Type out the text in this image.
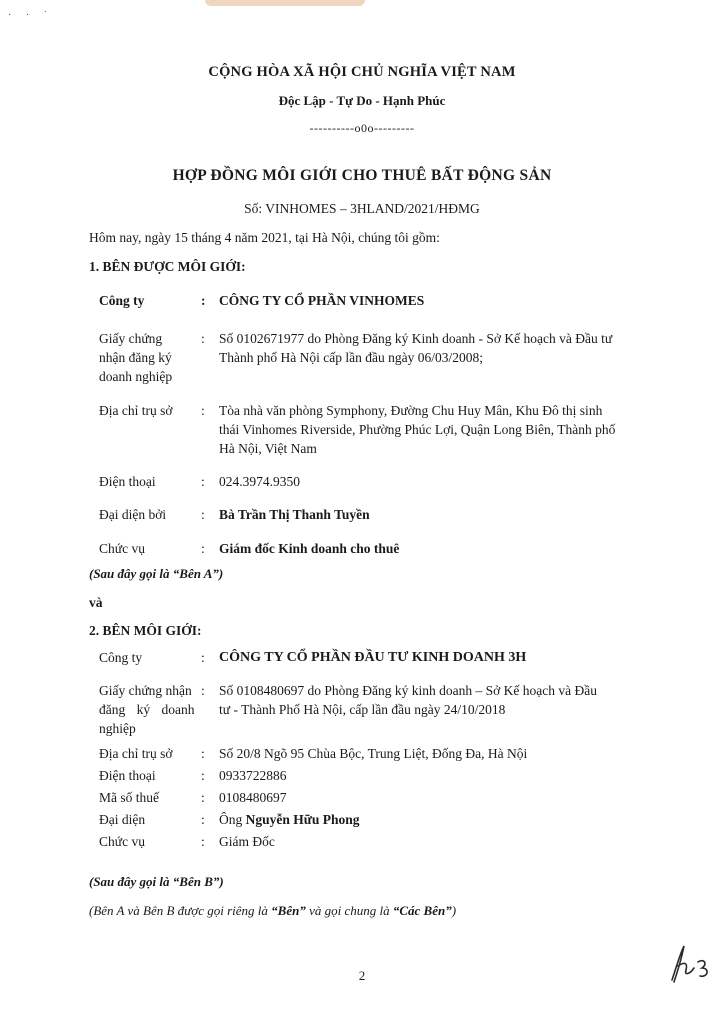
· · ˙
CỘNG HÒA XÃ HỘI CHỦ NGHĨA VIỆT NAM
Độc Lập - Tự Do - Hạnh Phúc
----------o0o---------
HỢP ĐỒNG MÔI GIỚI CHO THUÊ BẤT ĐỘNG SẢN
Số: VINHOMES – 3HLAND/2021/HĐMG
Hôm nay, ngày 15 tháng 4 năm 2021, tại Hà Nội, chúng tôi gồm:
1. BÊN ĐƯỢC MÔI GIỚI:
Công ty	:	CÔNG TY CỔ PHẦN VINHOMES
Giấy chứng
nhận đăng ký
doanh nghiệp
:	Số 0102671977 do Phòng Đăng ký Kinh doanh - Sở Kế hoạch và Đầu tư
Thành phố Hà Nội cấp lần đầu ngày 06/03/2008;
Địa chỉ trụ sở	:	Tòa nhà văn phòng Symphony, Đường Chu Huy Mân, Khu Đô thị sinh
thái Vinhomes Riverside, Phường Phúc Lợi, Quận Long Biên, Thành phố
Hà Nội, Việt Nam
Điện thoại	:	024.3974.9350
Đại diện bởi	:	Bà Trần Thị Thanh Tuyền
Chức vụ	:	Giám đốc Kinh doanh cho thuê
(Sau đây gọi là “Bên A”)
và
2. BÊN MÔI GIỚI:
Công ty	:	CÔNG TY CỔ PHẦN ĐẦU TƯ KINH DOANH 3H
Giấy chứng nhận
đăng ký doanh
nghiệp
:	Số 0108480697 do Phòng Đăng ký kinh doanh – Sở Kế hoạch và Đầu
tư - Thành Phố Hà Nội, cấp lần đầu ngày 24/10/2018
Địa chỉ trụ sở	:	Số 20/8 Ngõ 95 Chùa Bộc, Trung Liệt, Đống Đa, Hà Nội
Điện thoại	:	0933722886
Mã số thuế	:	0108480697
Đại diện	:	Ông Nguyễn Hữu Phong
Chức vụ	:	Giám Đốc
(Sau đây gọi là “Bên B”)
(Bên A và Bên B được gọi riêng là “Bên” và gọi chung là “Các Bên”)
2
